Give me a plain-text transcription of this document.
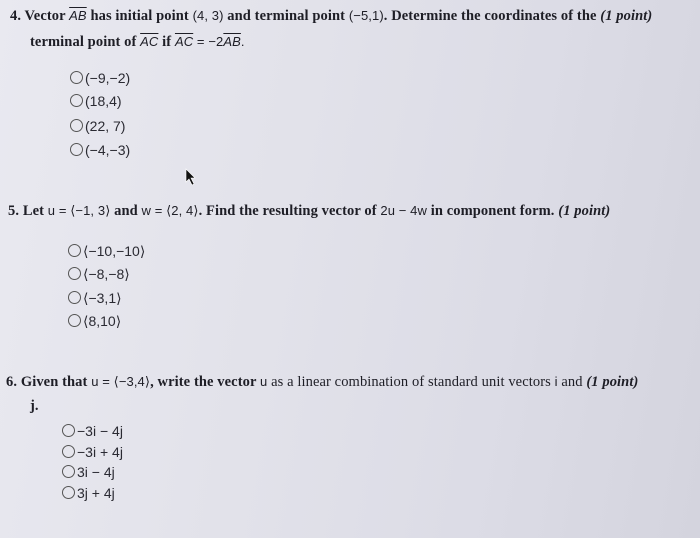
4. Vector $\overline{AB}$ has initial point (4, 3) and terminal point (−5,1). Determine the coordinates of the (1 point)
terminal point of $\overline{AC}$ if $\overline{AC} = -2\overline{AB}$.
(−9,−2)
(18,4)
(22, 7)
(−4,−3)
5. Let u = ⟨−1, 3⟩ and w = ⟨2, 4⟩. Find the resulting vector of 2u − 4w in component form. (1 point)
⟨−10,−10⟩
⟨−8,−8⟩
⟨−3,1⟩
⟨8,10⟩
6. Given that u = ⟨−3,4⟩, write the vector u as a linear combination of standard unit vectors i and (1 point)
j.
−3i − 4j
−3i + 4j
3i − 4j
3j + 4j
